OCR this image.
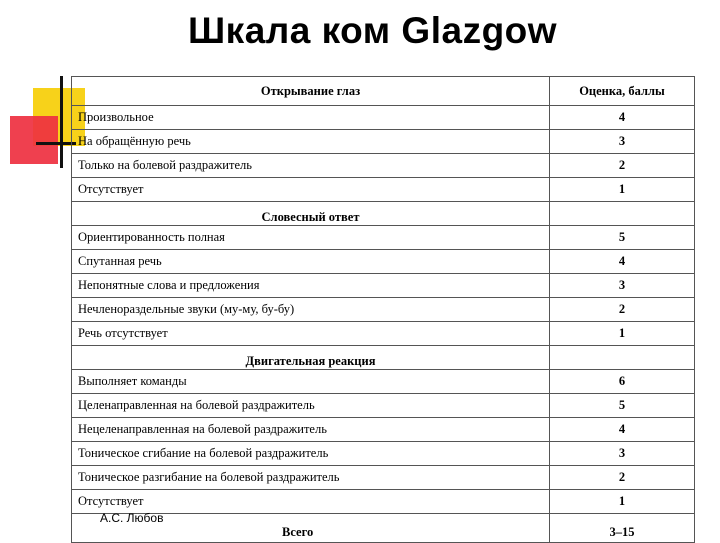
Шкала ком Glazgow
Открывание глаз	Оценка, баллы
Произвольное	4
На обращённую речь	3
Только на болевой раздражитель	2
Отсутствует	1
Словесный ответ	
Ориентированность полная	5
Спутанная речь	4
Непонятные слова и предложения	3
Нечленораздельные звуки (му-му, бу-бу)	2
Речь отсутствует	1
Двигательная реакция	
Выполняет команды	6
Целенаправленная на болевой раздражитель	5
Нецеленаправленная на болевой раздражитель	4
Тоническое сгибание на болевой раздражитель	3
Тоническое разгибание на болевой раздражитель	2
Отсутствует	1
Всего	3–15
А.С. Любов
